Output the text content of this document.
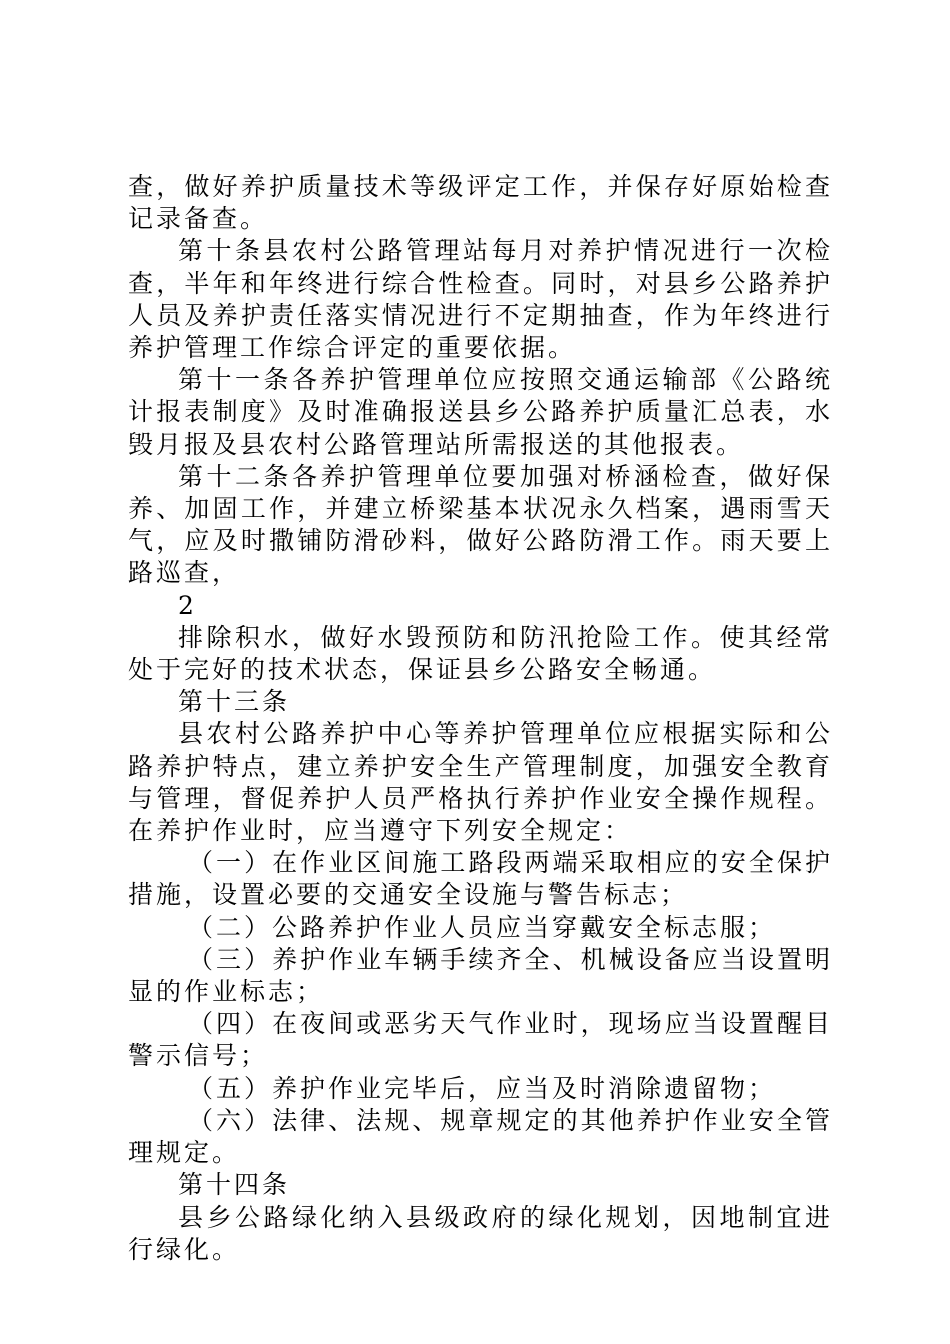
查，做好养护质量技术等级评定工作，并保存好原始检查记录备查。

第十条县农村公路管理站每月对养护情况进行一次检查，半年和年终进行综合性检查。同时，对县乡公路养护人员及养护责任落实情况进行不定期抽查，作为年终进行养护管理工作综合评定的重要依据。

第十一条各养护管理单位应按照交通运输部《公路统计报表制度》及时准确报送县乡公路养护质量汇总表，水毁月报及县农村公路管理站所需报送的其他报表。

第十二条各养护管理单位要加强对桥涵检查，做好保养、加固工作，并建立桥梁基本状况永久档案，遇雨雪天气，应及时撒铺防滑砂料，做好公路防滑工作。雨天要上路巡查，

2

排除积水，做好水毁预防和防汛抢险工作。使其经常处于完好的技术状态，保证县乡公路安全畅通。

第十三条

县农村公路养护中心等养护管理单位应根据实际和公路养护特点，建立养护安全生产管理制度，加强安全教育与管理，督促养护人员严格执行养护作业安全操作规程。在养护作业时，应当遵守下列安全规定：

（一）在作业区间施工路段两端采取相应的安全保护措施，设置必要的交通安全设施与警告标志；

（二）公路养护作业人员应当穿戴安全标志服；

（三）养护作业车辆手续齐全、机械设备应当设置明显的作业标志；

（四）在夜间或恶劣天气作业时，现场应当设置醒目警示信号；

（五）养护作业完毕后，应当及时消除遗留物；

（六）法律、法规、规章规定的其他养护作业安全管理规定。

第十四条

县乡公路绿化纳入县级政府的绿化规划，因地制宜进行绿化。
